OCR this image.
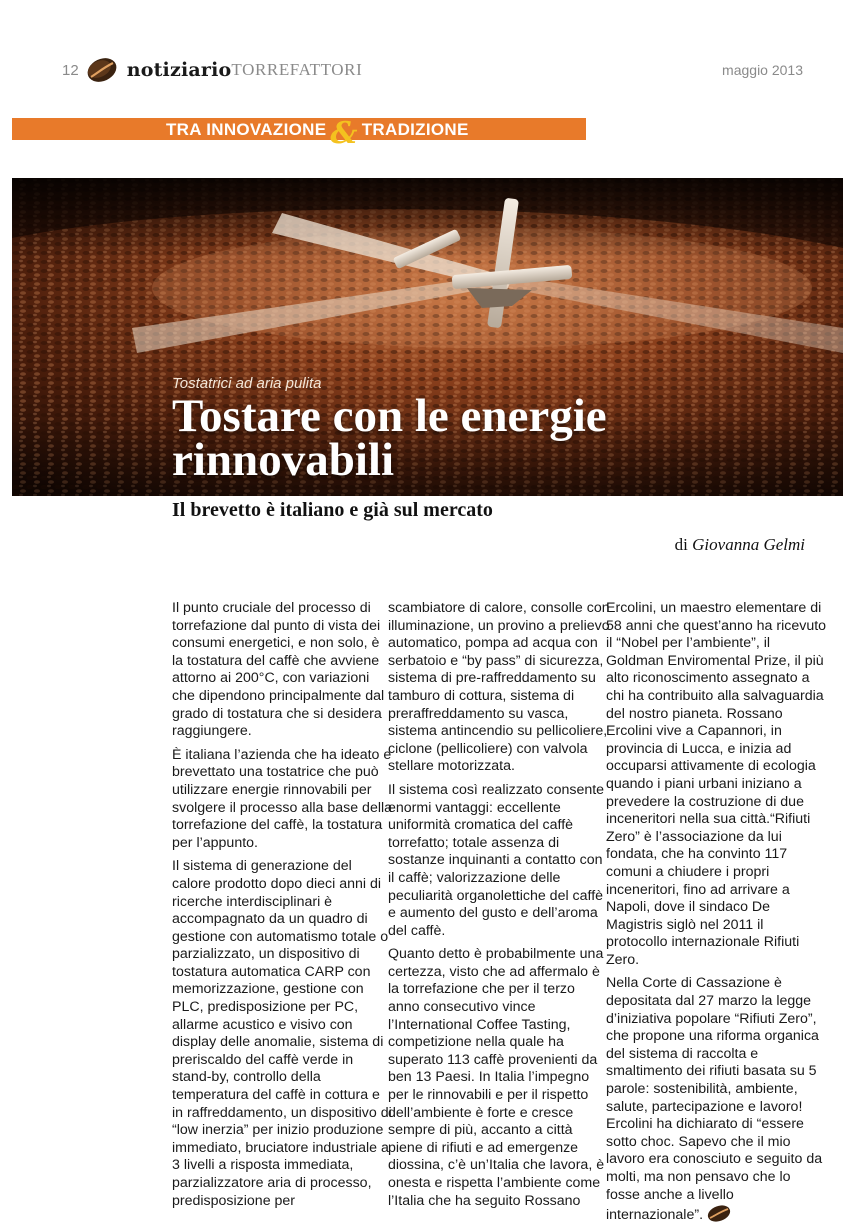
12	notiziario TORREFATTORI	maggio 2013
TRA INNOVAZIONE & TRADIZIONE
Tostatrici ad aria pulita
Tostare con le energie rinnovabili
Il brevetto è italiano e già sul mercato
di Giovanna Gelmi

Il punto cruciale del processo di torrefazione dal punto di vista dei consumi energetici, e non solo, è la tostatura del caffè che avviene attorno ai 200°C, con variazioni che dipendono principalmente dal grado di tostatura che si desidera raggiungere.

È italiana l’azienda che ha ideato e brevettato una tostatrice che può utilizzare energie rinnovabili per svolgere il processo alla base della torrefazione del caffè, la tostatura per l’appunto.

Il sistema di generazione del calore prodotto dopo dieci anni di ricerche interdisciplinari è accompagnato da un quadro di gestione con automatismo totale o parzializzato, un dispositivo di tostatura automatica CARP con memorizzazione, gestione con PLC, predisposizione per PC, allarme acustico e visivo con display delle anomalie, sistema di preriscaldo del caffè verde in stand-by, controllo della temperatura del caffè in cottura e in raffreddamento, un dispositivo di “low inerzia” per inizio produzione immediato, bruciatore industriale a 3 livelli a risposta immediata, parzializzatore aria di processo, predisposizione per

scambiatore di calore, consolle con illuminazione, un provino a prelievo automatico, pompa ad acqua con serbatoio e “by pass” di sicurezza, sistema di pre-raffreddamento su tamburo di cottura, sistema di preraffreddamento su vasca, sistema antincendio su pellicoliere, ciclone (pellicoliere) con valvola stellare motorizzata.

Il sistema così realizzato consente enormi vantaggi: eccellente uniformità cromatica del caffè torrefatto; totale assenza di sostanze inquinanti a contatto con il caffè; valorizzazione delle peculiarità organolettiche del caffè e aumento del gusto e dell’aroma del caffè.

Quanto detto è probabilmente una certezza, visto che ad affermalo è la torrefazione che per il terzo anno consecutivo vince l’International Coffee Tasting, competizione nella quale ha superato 113 caffè provenienti da ben 13 Paesi. In Italia l’impegno per le rinnovabili e per il rispetto dell’ambiente è forte e cresce sempre di più, accanto a città piene di rifiuti e ad emergenze diossina, c’è un’Italia che lavora, è onesta e rispetta l’ambiente come l’Italia che ha seguito Rossano

Ercolini, un maestro elementare di 58 anni che quest’anno ha ricevuto il “Nobel per l’ambiente”, il Goldman Enviromental Prize, il più alto riconoscimento assegnato a chi ha contribuito alla salvaguardia del nostro pianeta. Rossano Ercolini vive a Capannori, in provincia di Lucca, e inizia ad occuparsi attivamente di ecologia quando i piani urbani iniziano a prevedere la costruzione di due inceneritori nella sua città.“Rifiuti Zero” è l’associazione da lui fondata, che ha convinto 117 comuni a chiudere i propri inceneritori, fino ad arrivare a Napoli, dove il sindaco De Magistris siglò nel 2011 il protocollo internazionale Rifiuti Zero.

Nella Corte di Cassazione è depositata dal 27 marzo la legge d’iniziativa popolare “Rifiuti Zero”, che propone una riforma organica del sistema di raccolta e smaltimento dei rifiuti basata su 5 parole: sostenibilità, ambiente, salute, partecipazione e lavoro! Ercolini ha dichiarato di “essere sotto choc. Sapevo che il mio lavoro era conosciuto e seguito da molti, ma non pensavo che lo fosse anche a livello internazionale”.
